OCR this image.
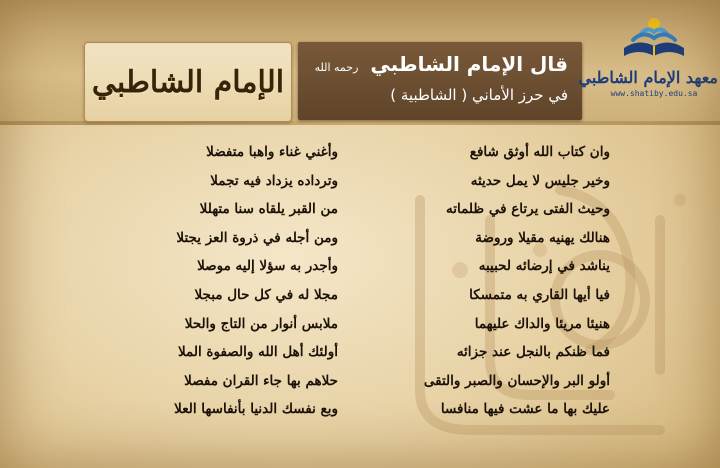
الإمام الشاطبي
قال الإمام الشاطبي رحمه الله
في حرز الأماني ( الشاطبية )
معهد الإمام الشاطبي
www.shatiby.edu.sa
وان كتاب الله أوثق شافع
وأغني غناء واهبا متفضلا
وخير جليس لا يمل حديثه
وترداده يزداد فيه تجملا
وحيث الفتى يرتاع في ظلماته
من القبر يلقاه سنا متهللا
هنالك يهنيه مقيلا وروضة
ومن أجله في ذروة العز يجتلا
يناشد في إرضائه لحبيبه
وأجدر به سؤلا إليه موصلا
فيا أيها القاري به متمسكا
مجلا له في كل حال مبجلا
هنيئا مريئا والداك عليهما
ملابس أنوار من التاج والحلا
فما ظنكم بالنجل عند جزائه
أولئك أهل الله والصفوة الملا
أولو البر والإحسان والصبر والتقى
حلاهم بها جاء القران مفصلا
عليك بها ما عشت فيها منافسا
وبع نفسك الدنيا بأنفاسها العلا
